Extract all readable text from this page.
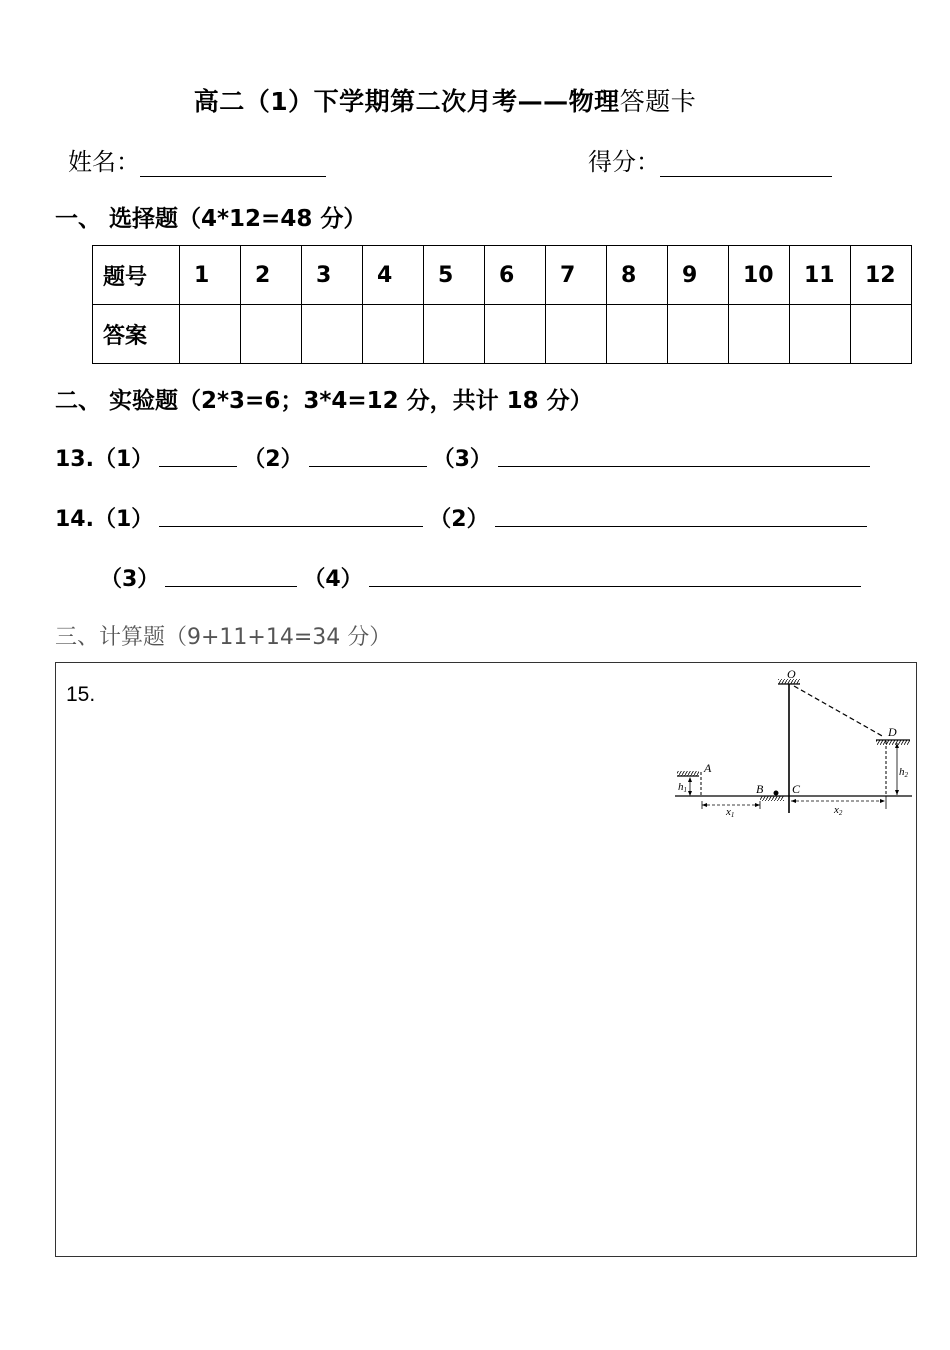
高二（1）下学期第二次月考——物理答题卡
姓名：	得分：
一、 选择题（4*12=48 分）
题号	1	2	3	4	5	6	7	8	9	10	11	12
答案												
二、 实验题（2*3=6；3*4=12 分，共计 18 分）
13.（1）	（2）	（3）
14.（1）	（2）
（3）	（4）
三、计算题（9+11+14=34 分）
15.
O
D
A
B C
h1
h2
x1	x2
